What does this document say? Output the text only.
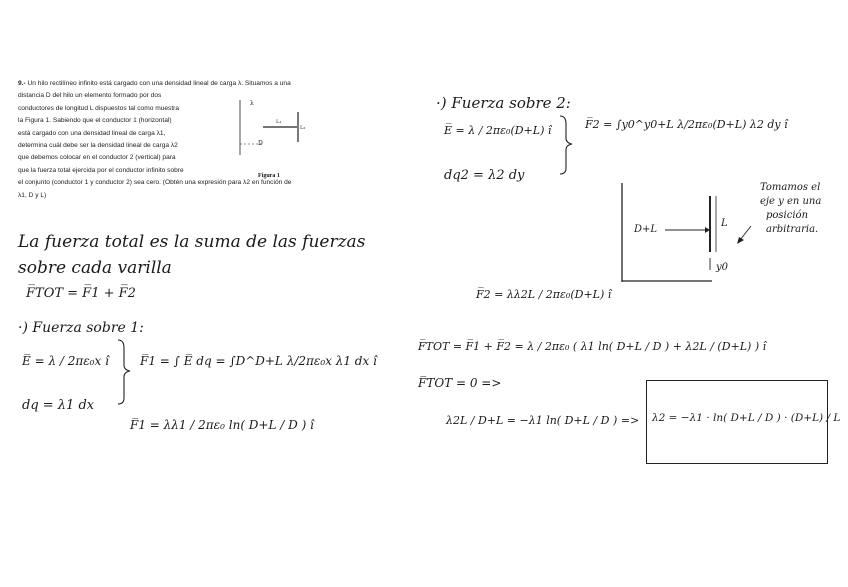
9.- Un hilo rectilíneo infinito está cargado con una densidad lineal de carga λ. Situamos a una

distancia D del hilo un elemento formado por dos

conductores de longitud L dispuestos tal como muestra

la Figura 1. Sabiendo que el conductor 1 (horizontal)

está cargado con una densidad lineal de carga λ1,

determina cuál debe ser la densidad lineal de carga λ2

que debemos colocar en el conductor 2 (vertical) para

que la fuerza total ejercida por el conductor infinito sobre

el conjunto (conductor 1 y conductor 2) sea cero. (Obtén una expresión para λ2 en función de

λ1, D y L)

λ
D
L₁
L₂
Figura 1
La fuerza total es la suma de las fuerzas
sobre cada varilla
F̅TOT = F̅1 + F̅2
·) Fuerza sobre 1:
E̅ = λ / 2πε₀x î
dq = λ1 dx
F̅1 = ∫ E̅ dq = ∫D^D+L λ/2πε₀x λ1 dx î
F̅1 = λλ1 / 2πε₀ ln( D+L / D ) î
·) Fuerza sobre 2:
E̅ = λ / 2πε₀(D+L) î
dq2 = λ2 dy
F̅2 = ∫y0^y0+L λ/2πε₀(D+L) λ2 dy î
Tomamos el
eje y en una
posición
arbitraria.
D+L
L
y0
F̅2 = λλ2L / 2πε₀(D+L) î
F̅TOT = F̅1 + F̅2 = λ / 2πε₀ ( λ1 ln( D+L / D ) + λ2L / (D+L) ) î
F̅TOT = 0 =>
λ2L / D+L = −λ1 ln( D+L / D ) => λ2 = −λ1 · ln( D+L / D ) · (D+L) / L
